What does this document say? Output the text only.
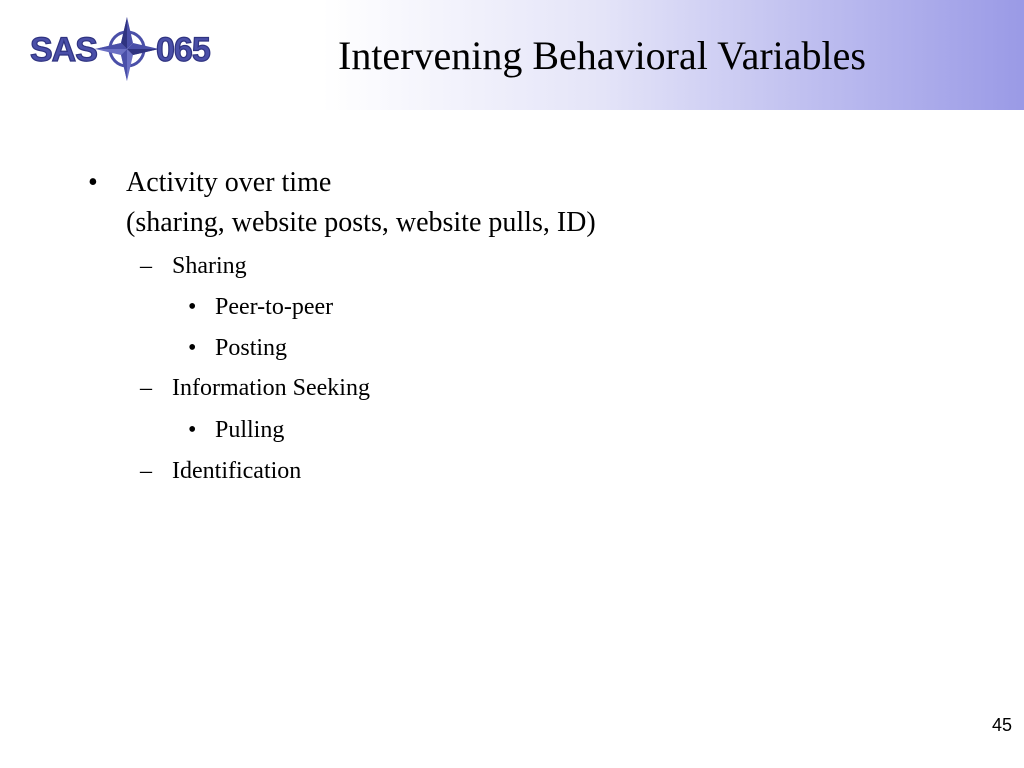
SAS 065	Intervening Behavioral Variables
• Activity over time
(sharing, website posts, website pulls, ID)
– Sharing
• Peer-to-peer
• Posting
– Information Seeking
• Pulling
– Identification
45
